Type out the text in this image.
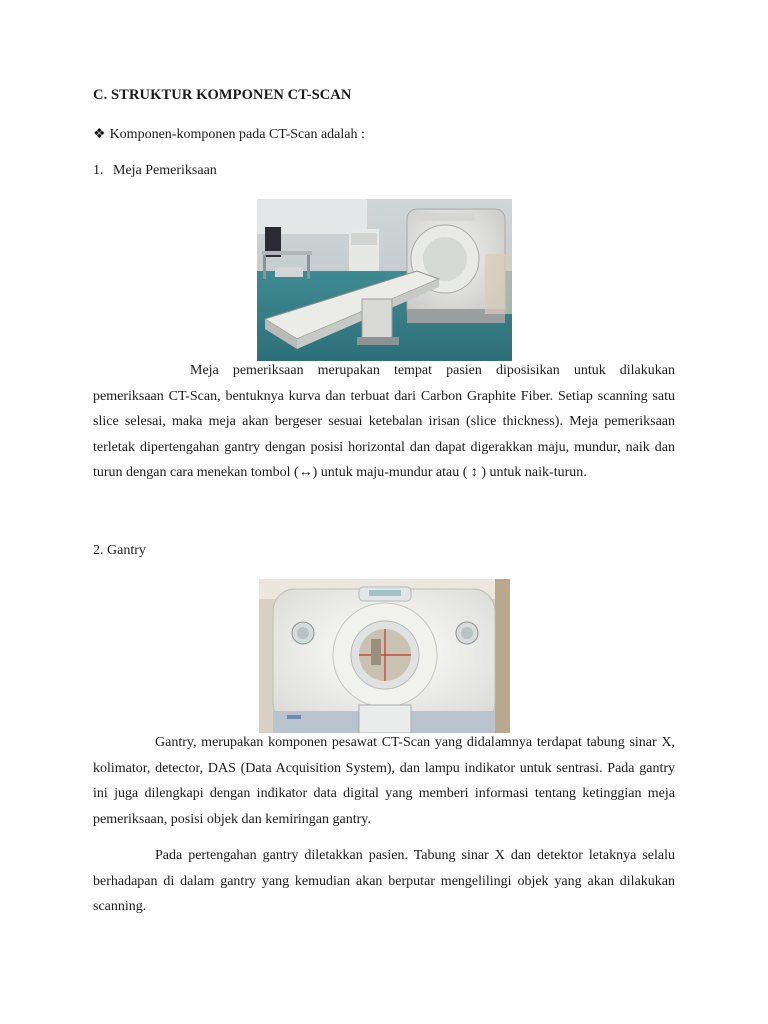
C. STRUKTUR KOMPONEN CT-SCAN
❖ Komponen-komponen pada CT-Scan adalah :
1. Meja Pemeriksaan
Meja pemeriksaan merupakan tempat pasien diposisikan untuk dilakukan pemeriksaan CT-Scan, bentuknya kurva dan terbuat dari Carbon Graphite Fiber. Setiap scanning satu slice selesai, maka meja akan bergeser sesuai ketebalan irisan (slice thickness). Meja pemeriksaan terletak dipertengahan gantry dengan posisi horizontal dan dapat digerakkan maju, mundur, naik dan turun dengan cara menekan tombol (↔) untuk maju-mundur atau ( ↕ ) untuk naik-turun.
2. Gantry
Gantry, merupakan komponen pesawat CT-Scan yang didalamnya terdapat tabung sinar X, kolimator, detector, DAS (Data Acquisition System), dan lampu indikator untuk sentrasi. Pada gantry ini juga dilengkapi dengan indikator data digital yang memberi informasi tentang ketinggian meja pemeriksaan, posisi objek dan kemiringan gantry.
Pada pertengahan gantry diletakkan pasien. Tabung sinar X dan detektor letaknya selalu berhadapan di dalam gantry yang kemudian akan berputar mengelilingi objek yang akan dilakukan scanning.
